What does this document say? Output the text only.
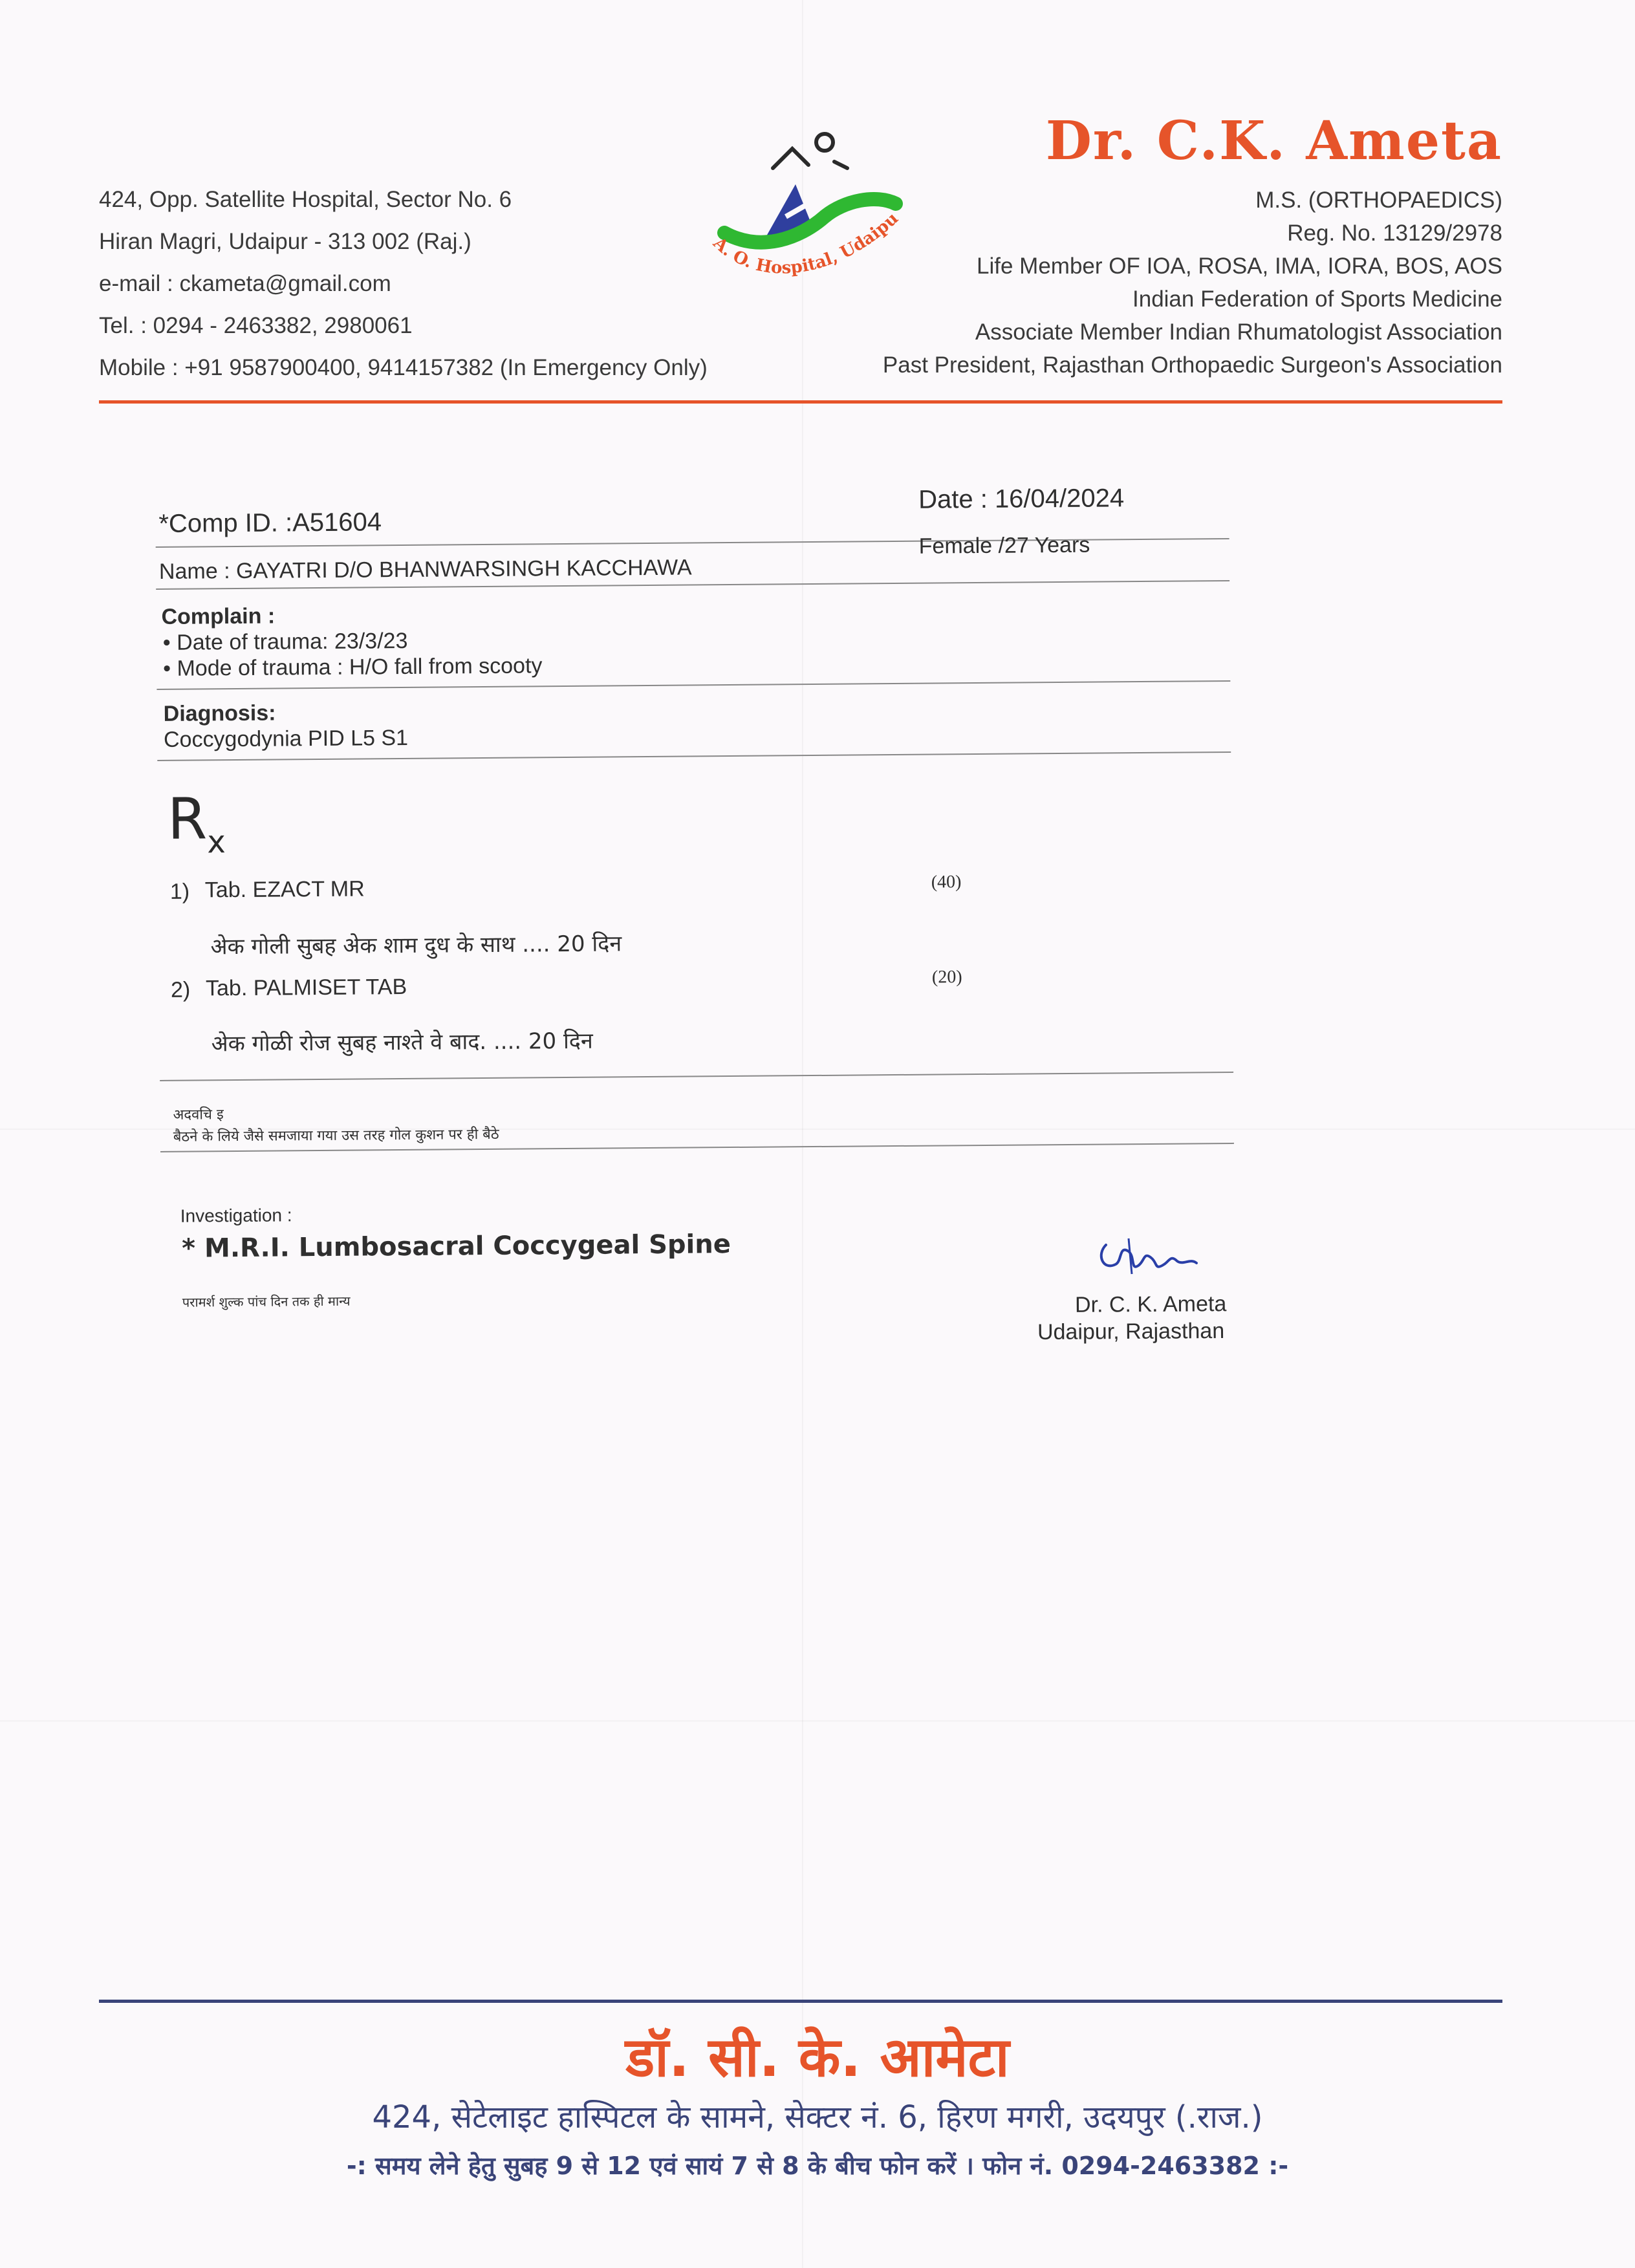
424, Opp. Satellite Hospital, Sector No. 6
Hiran Magri, Udaipur - 313 002 (Raj.)
e-mail : ckameta@gmail.com
Tel. : 0294 - 2463382, 2980061
Mobile : +91 9587900400, 9414157382 (In Emergency Only)
A. O. Hospital, Udaipu
Dr. C.K. Ameta
M.S. (ORTHOPAEDICS)
Reg. No. 13129/2978
Life Member OF IOA, ROSA, IMA, IORA, BOS, AOS
Indian Federation of Sports Medicine
Associate Member Indian Rhumatologist Association
Past President, Rajasthan Orthopaedic Surgeon's Association
*Comp ID. :A51604
Date : 16/04/2024
Name : GAYATRI D/O BHANWARSINGH KACCHAWA
Female /27 Years
Complain :
• Date of trauma: 23/3/23
• Mode of trauma : H/O fall from scooty
Diagnosis:
Coccygodynia PID L5 S1
$R_x$
1) Tab. EZACT MR	(40)
अेक गोली सुबह अेक शाम दुध के साथ .... 20 दिन
2) Tab. PALMISET TAB	(20)
अेक गोळी रोज सुबह नाश्ते वे बाद. .... 20 दिन
अदवचि इ
बैठने के लिये जैसे समजाया गया उस तरह गोल कुशन पर ही बैठे
Investigation :
* M.R.I. Lumbosacral Coccygeal Spine
परामर्श शुल्क पांच दिन तक ही मान्य	Dr. C. K. Ameta
Udaipur, Rajasthan
डॉ. सी. के. आमेटा
424, सेटेलाइट हास्पिटल के सामने, सेक्टर नं. 6, हिरण मगरी, उदयपुर (.राज.)
-: समय लेने हेतु सुबह 9 से 12 एवं सायं 7 से 8 के बीच फोन करें । फोन नं. 0294-2463382 :-
